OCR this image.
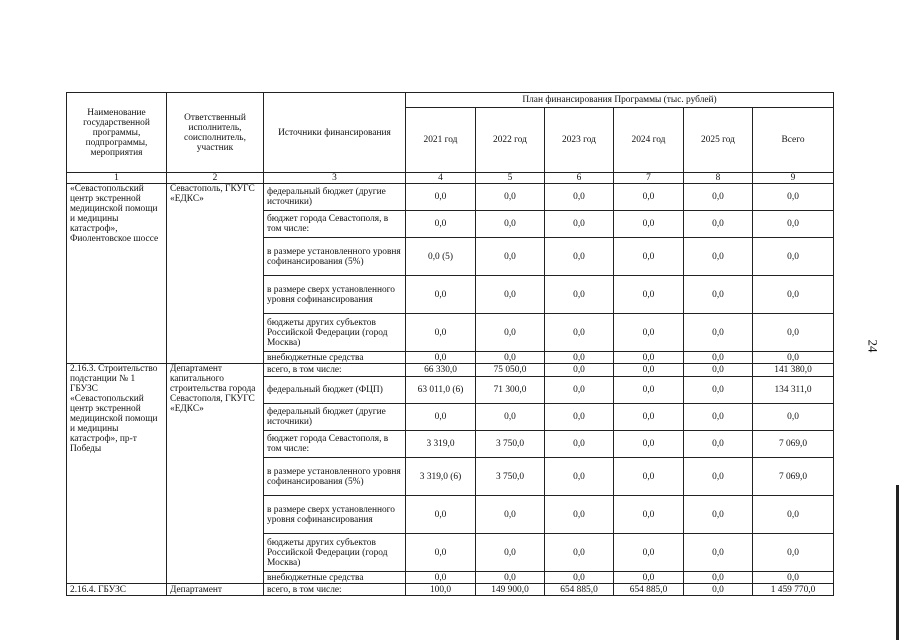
Наименование государственной программы, подпрограммы, мероприятия	Ответственный исполнитель, соисполнитель, участник	Источники финансирования	План финансирования Программы (тыс. рублей)					
			2021 год	2022 год	2023 год	2024 год	2025 год	Всего
1	2	3	4	5	6	7	8	9
«Севастопольский центр экстренной медицинской помощи и медицины катастроф», Фиолентовское шоссе	Севастополь, ГКУГС «ЕДКС»	федеральный бюджет (другие источники)	0,0	0,0	0,0	0,0	0,0	0,0
		бюджет города Севастополя, в том числе:	0,0	0,0	0,0	0,0	0,0	0,0
		в размере установленного уровня софинансирования (5%)	0,0 (5)	0,0	0,0	0,0	0,0	0,0
		в размере сверх установленного уровня софинансирования	0,0	0,0	0,0	0,0	0,0	0,0
		бюджеты других субъектов Российской Федерации (город Москва)	0,0	0,0	0,0	0,0	0,0	0,0
		внебюджетные средства	0,0	0,0	0,0	0,0	0,0	0,0
2.16.3. Строительство подстанции № 1 ГБУЗС «Севастопольский центр экстренной медицинской помощи и медицины катастроф», пр-т Победы	Департамент капитального строительства города Севастополя, ГКУГС «ЕДКС»	всего, в том числе:	66 330,0	75 050,0	0,0	0,0	0,0	141 380,0
		федеральный бюджет (ФЦП)	63 011,0 (6)	71 300,0	0,0	0,0	0,0	134 311,0
		федеральный бюджет (другие источники)	0,0	0,0	0,0	0,0	0,0	0,0
		бюджет города Севастополя, в том числе:	3 319,0	3 750,0	0,0	0,0	0,0	7 069,0
		в размере установленного уровня софинансирования (5%)	3 319,0 (6)	3 750,0	0,0	0,0	0,0	7 069,0
		в размере сверх установленного уровня софинансирования	0,0	0,0	0,0	0,0	0,0	0,0
		бюджеты других субъектов Российской Федерации (город Москва)	0,0	0,0	0,0	0,0	0,0	0,0
		внебюджетные средства	0,0	0,0	0,0	0,0	0,0	0,0
2.16.4. ГБУЗС	Департамент	всего, в том числе:	100,0	149 900,0	654 885,0	654 885,0	0,0	1 459 770,0
24
